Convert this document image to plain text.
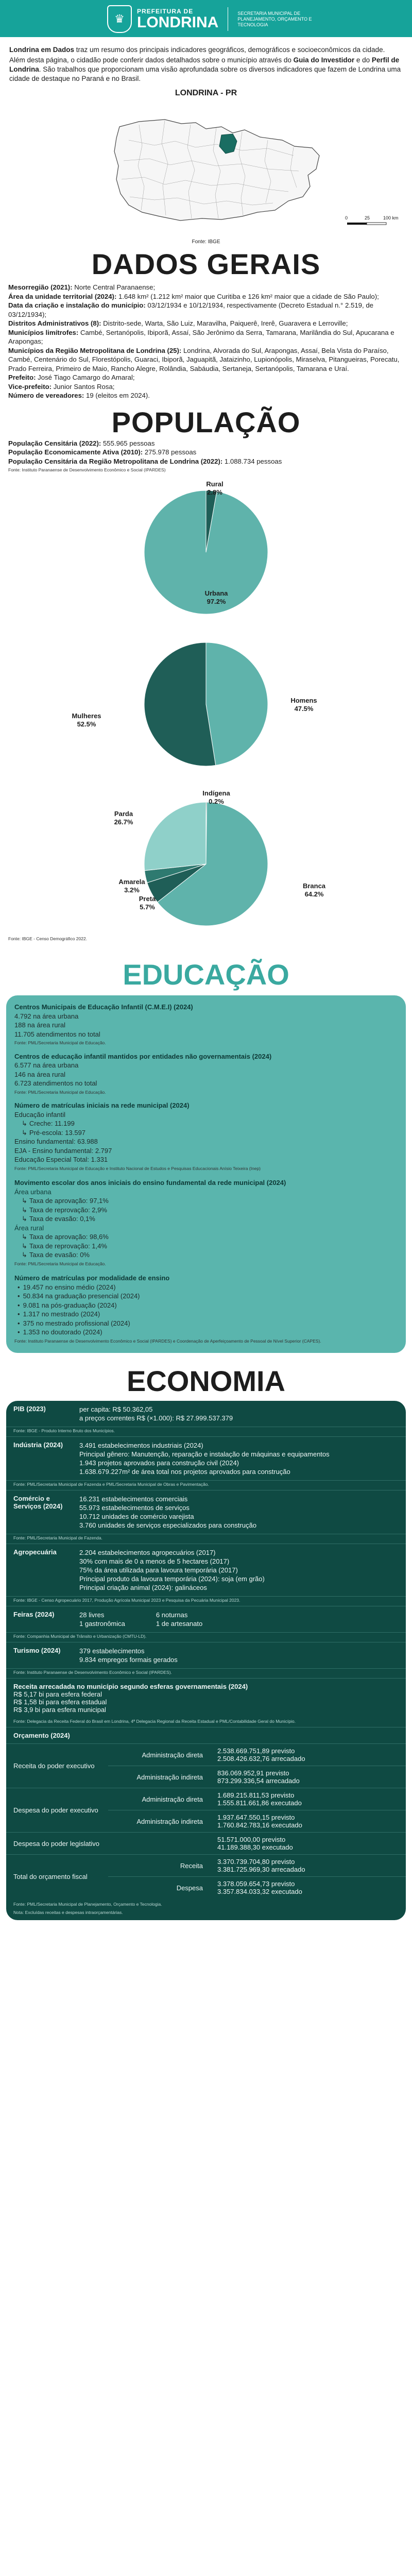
♛
PREFEITURA DE
LONDRINA
SECRETARIA MUNICIPAL DE PLANEJAMENTO, ORÇAMENTO E TECNOLOGIA
Londrina em Dados traz um resumo dos principais indicadores geográficos, demográficos e socioeconômicos da cidade.
Além desta página, o cidadão pode conferir dados detalhados sobre o município através do Guia do Investidor e do Perfil de Londrina. São trabalhos que proporcionam uma visão aprofundada sobre os diversos indicadores que fazem de Londrina uma cidade de destaque no Paraná e no Brasil.
LONDRINA - PR
0	25	100 km
Fonte: IBGE
DADOS GERAIS
Mesorregião (2021): Norte Central Paranaense;
Área da unidade territorial (2024): 1.648 km² (1.212 km² maior que Curitiba e 126 km² maior que a cidade de São Paulo);
Data da criação e instalação do município: 03/12/1934 e 10/12/1934, respectivamente (Decreto Estadual n.° 2.519, de 03/12/1934);
Distritos Administrativos (8): Distrito-sede, Warta, São Luiz, Maravilha, Paiquerê, Irerê, Guaravera e Lerroville;
Municípios limítrofes: Cambé, Sertanópolis, Ibiporã, Assaí, São Jerônimo da Serra, Tamarana, Marilândia do Sul, Apucarana e Arapongas;
Municípios da Região Metropolitana de Londrina (25): Londrina, Alvorada do Sul, Arapongas, Assaí, Bela Vista do Paraíso, Cambé, Centenário do Sul, Florestópolis, Guaraci, Ibiporã, Jaguapitã, Jataizinho, Lupionópolis, Miraselva, Pitangueiras, Porecatu, Prado Ferreira, Primeiro de Maio, Rancho Alegre, Rolândia, Sabáudia, Sertaneja, Sertanópolis, Tamarana e Uraí.
Prefeito: José Tiago Camargo do Amaral;
Vice-prefeito: Junior Santos Rosa;
Número de vereadores: 19 (eleitos em 2024).
POPULAÇÃO
População Censitária (2022): 555.965 pessoas
População Economicamente Ativa (2010): 275.978 pessoas
População Censitária da Região Metropolitana de Londrina (2022): 1.088.734 pessoas
Fonte: Instituto Paranaense de Desenvolvimento Econômico e Social (IPARDES)
Rural
2.8%
Urbana
97.2%
Homens
47.5%
Mulheres
52.5%
Indígena
0.2%
Branca
64.2%
Preta
5.7%
Amarela
3.2%
Parda
26.7%
Fonte: IBGE - Censo Demográfico 2022.
EDUCAÇÃO
Centros Municipais de Educação Infantil (C.M.E.I) (2024)
4.792 na área urbana
188 na área rural
11.705 atendimentos no total
Fonte: PML/Secretaria Municipal de Educação.
Centros de educação infantil mantidos por entidades não governamentais (2024)
6.577 na área urbana
146 na área rural
6.723 atendimentos no total
Fonte: PML/Secretaria Municipal de Educação.
Número de matrículas iniciais na rede municipal (2024)
Educação infantil
↳ Creche: 11.199
↳ Pré-escola: 13.597
Ensino fundamental: 63.988
EJA - Ensino fundamental: 2.797
Educação Especial Total: 1.331
Fonte: PML/Secretaria Municipal de Educação e Instituto Nacional de Estudos e Pesquisas Educacionais Anísio Teixeira (Inep)
Movimento escolar dos anos iniciais do ensino fundamental da rede municipal (2024)
Área urbana
↳ Taxa de aprovação: 97,1%
↳ Taxa de reprovação: 2,9%
↳ Taxa de evasão: 0,1%
Área rural
↳ Taxa de aprovação: 98,6%
↳ Taxa de reprovação: 1,4%
↳ Taxa de evasão: 0%
Fonte: PML/Secretaria Municipal de Educação.
Número de matrículas por modalidade de ensino
• 19.457 no ensino médio (2024)
• 50.834 na graduação presencial (2024)
• 9.081 na pós-graduação (2024)
• 1.317 no mestrado (2024)
• 375 no mestrado profissional (2024)
• 1.353 no doutorado (2024)
Fonte: Instituto Paranaense de Desenvolvimento Econômico e Social (IPARDES) e Coordenação de Aperfeiçoamento de Pessoal de Nível Superior (CAPES).
ECONOMIA
PIB (2023)	per capita: R$ 50.362,05
a preços correntes R$ (×1.000): R$ 27.999.537.379
Fonte: IBGE - Produto Interno Bruto dos Municípios.
Indústria (2024)	3.491 estabelecimentos industriais (2024)
Principal gênero: Manutenção, reparação e instalação de máquinas e equipamentos
1.943 projetos aprovados para construção civil (2024)
1.638.679.227m² de área total nos projetos aprovados para construção
Fonte: PML/Secretaria Municipal de Fazenda e PML/Secretaria Municipal de Obras e Pavimentação.
Comércio e Serviços (2024)
16.231 estabelecimentos comerciais
55.973 estabelecimentos de serviços
10.712 unidades de comércio varejista
3.760 unidades de serviços especializados para construção
Fonte: PML/Secretaria Municipal de Fazenda.
Agropecuária	2.204 estabelecimentos agropecuários (2017)
30% com mais de 0 a menos de 5 hectares (2017)
75% da área utilizada para lavoura temporária (2017)
Principal produto da lavoura temporária (2024): soja (em grão)
Principal criação animal (2024): galináceos
Fonte: IBGE - Censo Agropecuário 2017, Produção Agrícola Municipal 2023 e Pesquisa da Pecuária Municipal 2023.
Feiras (2024)	28 livres
1 gastronômica
6 noturnas
1 de artesanato
Fonte: Companhia Municipal de Trânsito e Urbanização (CMTU-LD).
Turismo (2024)	379 estabelecimentos
9.834 empregos formais gerados
Fonte: Instituto Paranaense de Desenvolvimento Econômico e Social (IPARDES).
Receita arrecadada no município segundo esferas governamentais (2024)
R$ 5,17 bi para esfera federal
R$ 1,58 bi para esfera estadual
R$ 3,9 bi para esfera municipal
Fonte: Delegacia da Receita Federal do Brasil em Londrina, 4ª Delegacia Regional da Receita Estadual e PML/Contabilidade Geral do Município.
Orçamento (2024)
Receita do poder executivo	Administração direta	2.538.669.751,89 previsto
2.508.426.632,76 arrecadado

	Administração indireta	836.069.952,91 previsto
873.299.336,54 arrecadado

Despesa do poder executivo	Administração direta	1.689.215.811,53 previsto
1.555.811.661,86 executado

	Administração indireta	1.937.647.550,15 previsto
1.760.842.783,16 executado

Despesa do poder legislativo		51.571.000,00 previsto
41.189.388,30 executado

Total do orçamento fiscal	Receita	3.370.739.704,80 previsto
3.381.725.969,30 arrecadado

	Despesa	3.378.059.654,73 previsto
3.357.834.033,32 executado
Fonte: PML/Secretaria Municipal de Planejamento, Orçamento e Tecnologia.
Nota: Excluídas receitas e despesas intraorçamentárias.
